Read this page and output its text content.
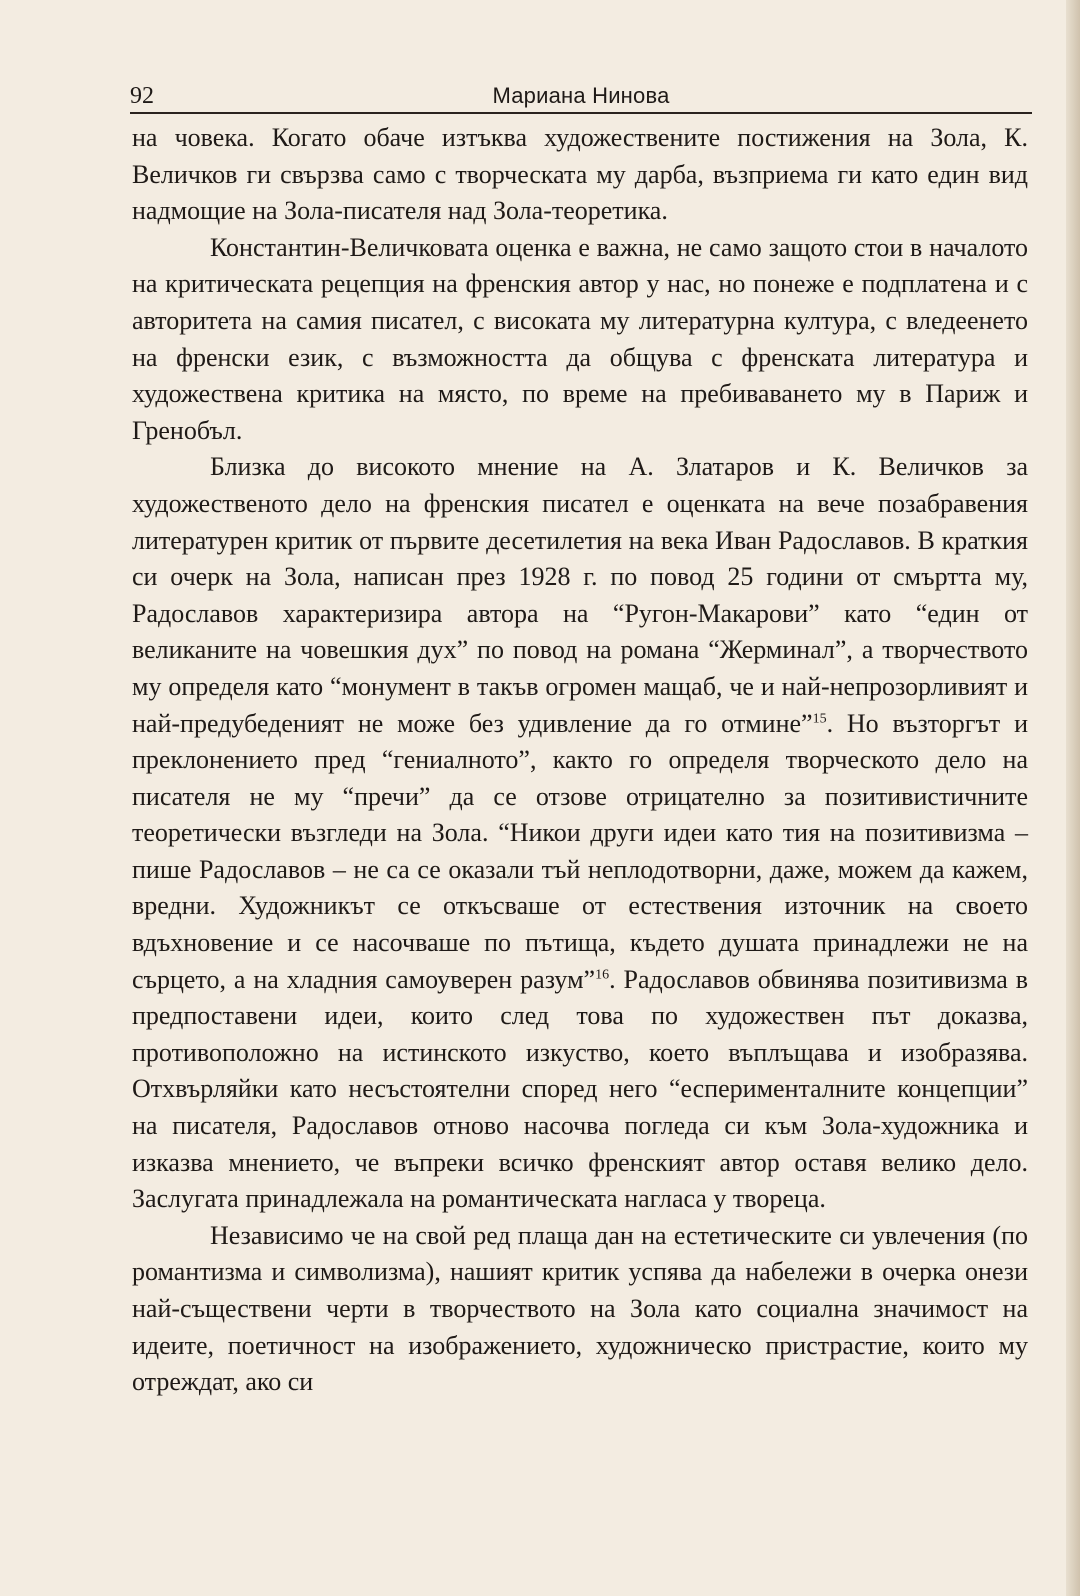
92	Мариана Нинова

на човека. Когато обаче изтъква художествените постижения на Зола, К. Величков ги свързва само с творческата му дарба, възприема ги като един вид надмощие на Зола-писателя над Зола-теоретика.

Константин-Величковата оценка е важна, не само защото стои в началото на критическата рецепция на френския автор у нас, но понеже е подплатена и с авторитета на самия писател, с високата му литературна култура, с вледеенето на френски език, с възможността да общува с френската литература и художествена критика на място, по време на пребиваването му в Париж и Гренобъл.

Близка до високото мнение на А. Златаров и К. Величков за художественото дело на френския писател е оценката на вече позабравения литературен критик от първите десетилетия на века Иван Радославов. В краткия си очерк на Зола, написан през 1928 г. по повод 25 години от смъртта му, Радославов характеризира автора на “Ругон-Макарови” като “един от великаните на човешкия дух” по повод на романа “Жерминал”, а творчеството му определя като “монумент в такъв огромен мащаб, че и най-непрозорливият и най-предубеденият не може без удивление да го отмине”$^{15}$. Но възторгът и преклонението пред “гениалното”, както го определя творческото дело на писателя не му “пречи” да се отзове отрицателно за позитивистичните теоретически възгледи на Зола. “Никои други идеи като тия на позитивизма – пише Радославов – не са се оказали тъй неплодотворни, даже, можем да кажем, вредни. Художникът се откъсваше от естествения източник на своето вдъхновение и се насочваше по пътища, където душата принадлежи не на сърцето, а на хладния самоуверен разум”$^{16}$. Радославов обвинява позитивизма в предпоставени идеи, които след това по художествен път доказва, противоположно на истинското изкуство, което въплъщава и изобразява. Отхвърляйки като несъстоятелни според него “есперименталните концепции” на писателя, Радославов отново насочва погледа си към Зола-художника и изказва мнението, че въпреки всичко френският автор оставя велико дело. Заслугата принадлежала на романтическата нагласа у твореца.

Независимо че на свой ред плаща дан на естетическите си увлечения (по романтизма и символизма), нашият критик успява да набележи в очерка онези най-съществени черти в творчеството на Зола като социална значимост на идеите, поетичност на изображението, художническо пристрастие, които му отреждат, ако си
